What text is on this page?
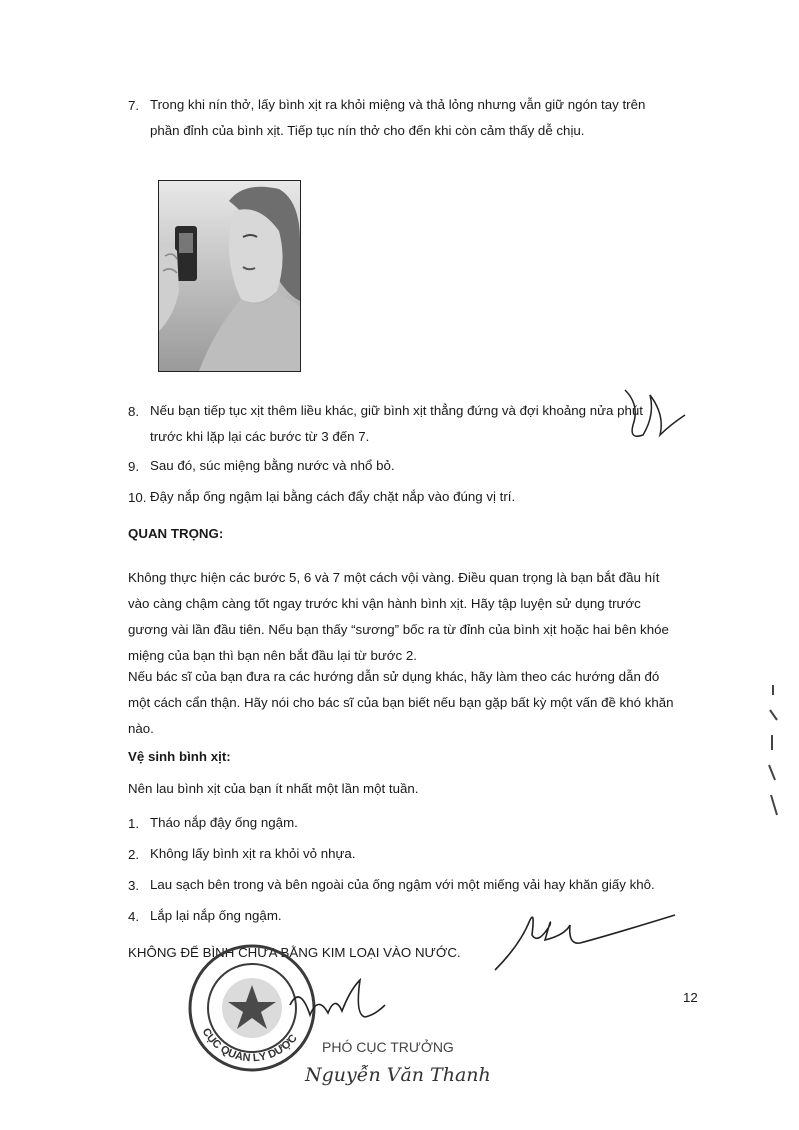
7. Trong khi nín thở, lấy bình xịt ra khỏi miệng và thả lỏng nhưng vẫn giữ ngón tay trên
phần đỉnh của bình xịt. Tiếp tục nín thở cho đến khi còn cảm thấy dễ chịu.

8. Nếu bạn tiếp tục xịt thêm liều khác, giữ bình xịt thẳng đứng và đợi khoảng nửa phút
trước khi lặp lại các bước từ 3 đến 7.

9. Sau đó, súc miệng bằng nước và nhổ bỏ.

10. Đậy nắp ống ngậm lại bằng cách đẩy chặt nắp vào đúng vị trí.

QUAN TRỌNG:

Không thực hiện các bước 5, 6 và 7 một cách vội vàng. Điều quan trọng là bạn bắt đầu hít
vào càng chậm càng tốt ngay trước khi vận hành bình xịt. Hãy tập luyện sử dụng trước
gương vài lần đầu tiên. Nếu bạn thấy “sương” bốc ra từ đỉnh của bình xịt hoặc hai bên khóe
miệng của bạn thì bạn nên bắt đầu lại từ bước 2.

Nếu bác sĩ của bạn đưa ra các hướng dẫn sử dụng khác, hãy làm theo các hướng dẫn đó
một cách cẩn thận. Hãy nói cho bác sĩ của bạn biết nếu bạn gặp bất kỳ một vấn đề khó khăn
nào.

Vệ sinh bình xịt:

Nên lau bình xịt của bạn ít nhất một lần một tuần.

1. Tháo nắp đậy ống ngậm.

2. Không lấy bình xịt ra khỏi vỏ nhựa.

3. Lau sạch bên trong và bên ngoài của ống ngậm với một miếng vải hay khăn giấy khô.

4. Lắp lại nắp ống ngậm.

KHÔNG ĐỂ BÌNH CHỨA BẰNG KIM LOẠI VÀO NƯỚC.

12

CỤC QUẢN LÝ DƯỢC PHÓ CỤC TRƯỞNG

Nguyễn Văn Thanh
